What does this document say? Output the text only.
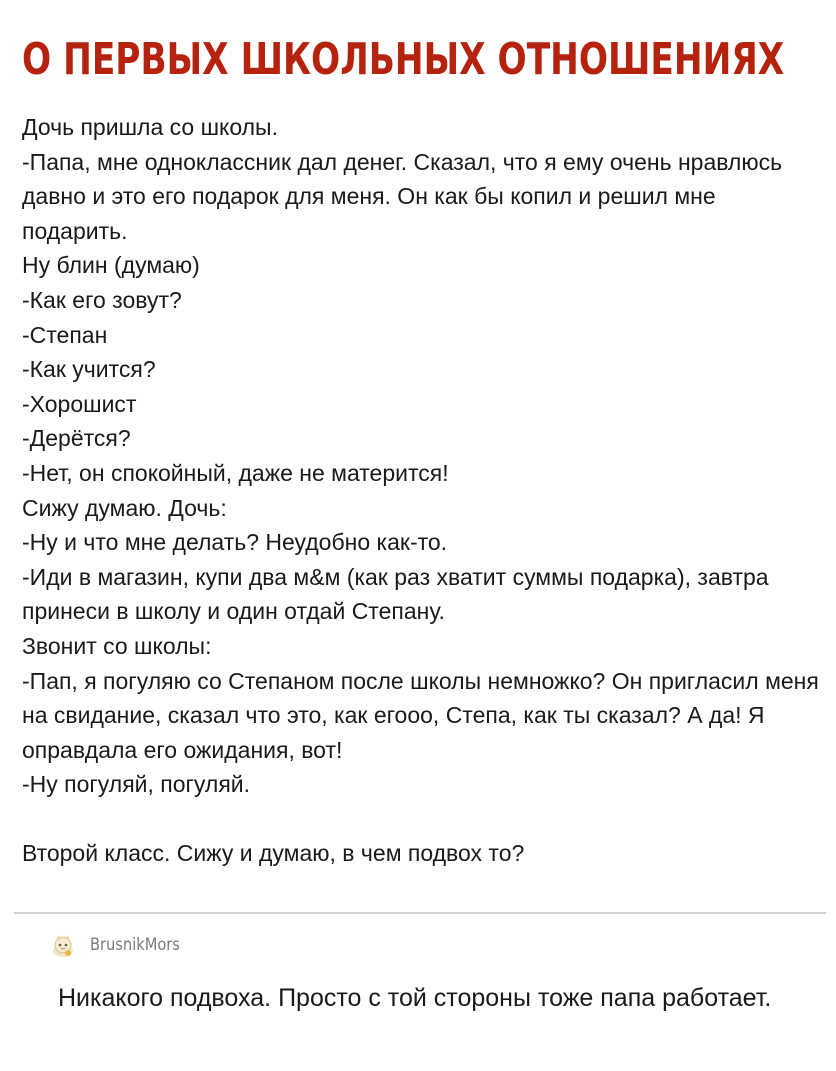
О ПЕРВЫХ ШКОЛЬНЫХ ОТНОШЕНИЯХ
Дочь пришла со школы.
-Папа, мне одноклассник дал денег. Сказал, что я ему очень нравлюсь давно и это его подарок для меня. Он как бы копил и решил мне подарить.
Ну блин (думаю)
-Как его зовут?
-Степан
-Как учится?
-Хорошист
-Дерётся?
-Нет, он спокойный, даже не матерится!
Сижу думаю. Дочь:
-Ну и что мне делать? Неудобно как-то.
-Иди в магазин, купи два м&м (как раз хватит суммы подарка), завтра принеси в школу и один отдай Степану.
Звонит со школы:
-Пап, я погуляю со Степаном после школы немножко? Он пригласил меня на свидание, сказал что это, как егооо, Степа, как ты сказал? А да! Я оправдала его ожидания, вот!
-Ну погуляй, погуляй.
Второй класс. Сижу и думаю, в чем подвох то?
BrusnikMors

Никакого подвоха. Просто с той стороны тоже папа работает.
